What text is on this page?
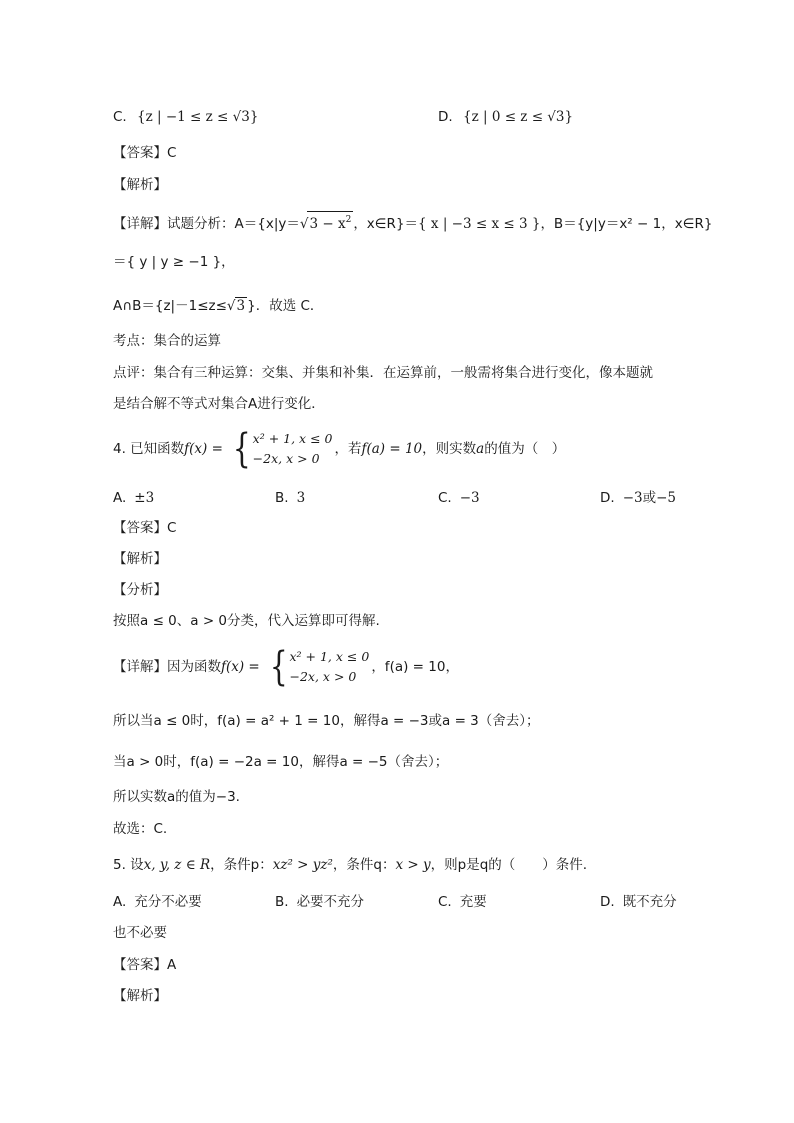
C. {z | −1 ≤ z ≤ √3}	D. {z | 0 ≤ z ≤ √3}
【答案】C
【解析】
【详解】试题分析：$A=\{x|y=√3 - x^2$ ，x∈R}＝{ x | −3 ≤ x ≤ 3 }，B＝{y|y＝x² − 1，x∈R}
＝{ y | y ≥ −1 }，
A∩B＝{z|－1≤z≤√3 }．故选 C．
考点：集合的运算
点评：集合有三种运算：交集、并集和补集．在运算前，一般需将集合进行变化，像本题就
是结合解不等式对集合A进行变化．
4. 已知函数f(x) = { x² + 1, x ≤ 0
−2x, x > 0
，若f(a) = 10，则实数a的值为（　）
A. ±3	B. 3	C. −3	D. −3或−5
【答案】C
【解析】
【分析】
按照a ≤ 0、a > 0分类，代入运算即可得解.
【详解】因为函数f(x) = { x² + 1, x ≤ 0
−2x, x > 0
，f(a) = 10，
所以当a ≤ 0时，f(a) = a² + 1 = 10，解得a = −3或a = 3（舍去）；
当a > 0时，f(a) = −2a = 10，解得a = −5（舍去）；
所以实数a的值为−3.
故选：C.
5. 设x, y, z ∈ R，条件p：xz² > yz²，条件q：x > y，则p是q的（　　）条件.
A. 充分不必要	B. 必要不充分	C. 充要	D. 既不充分
也不必要
【答案】A
【解析】
